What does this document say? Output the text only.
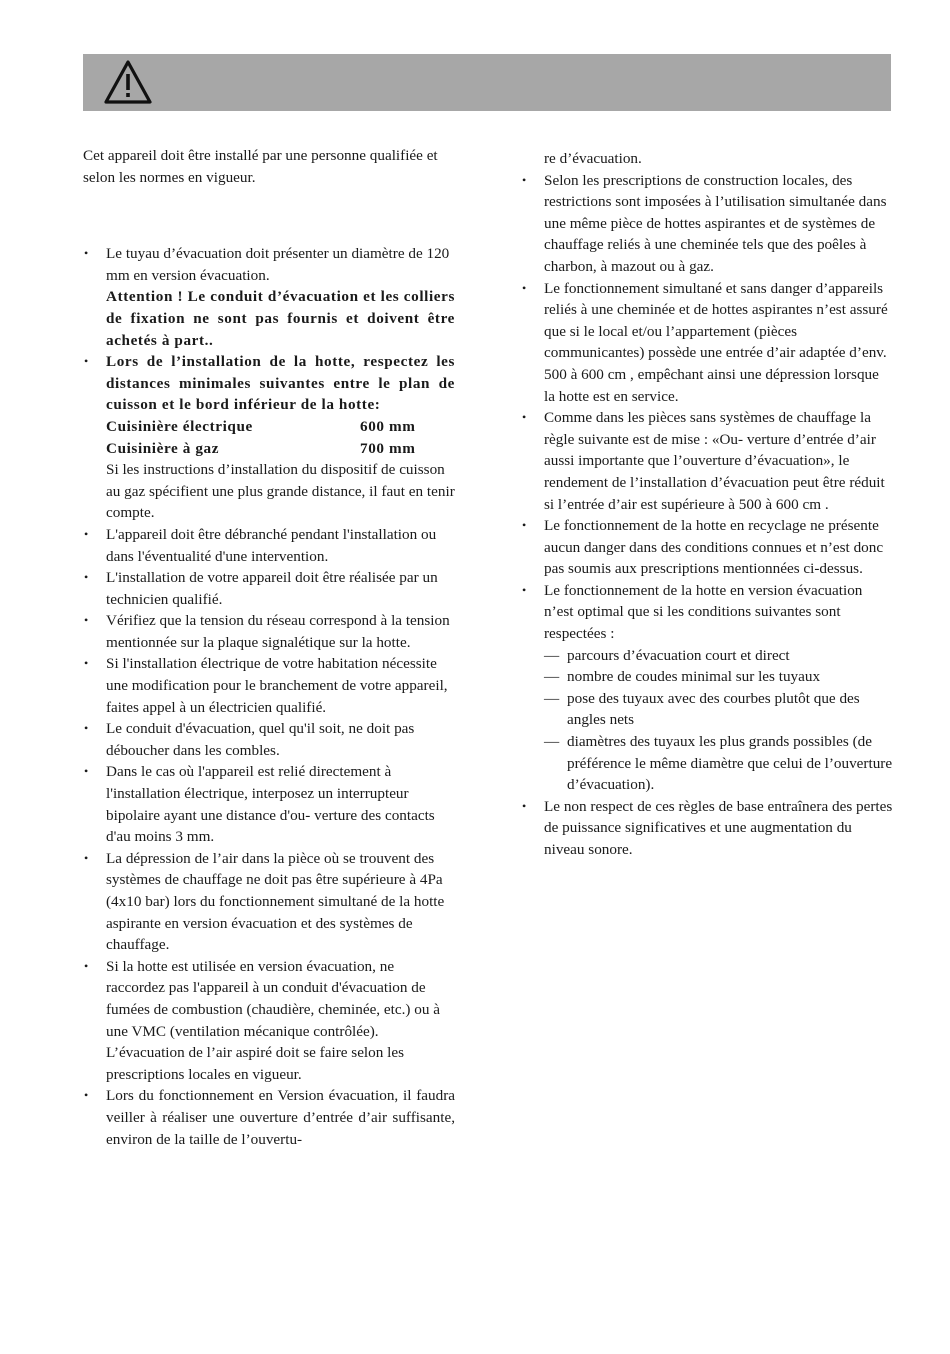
Cet appareil doit être installé par une personne qualifiée et selon les normes en vigueur.

• Le tuyau d’évacuation doit présenter un diamètre de 120 mm en version évacuation.
Attention ! Le conduit d’évacuation et les colliers de fixation ne sont pas fournis et doivent être achetés à part..
• Lors de l’installation de la hotte, respectez les distances minimales suivantes entre le plan de cuisson et le bord inférieur de la hotte:
Cuisinière électrique	600 mm
Cuisinière à gaz	700 mm
Si les instructions d’installation du dispositif de cuisson au gaz spécifient une plus grande distance, il faut en tenir compte.
• L'appareil doit être débranché pendant l'installation ou dans l'éventualité d'une intervention.
• L'installation de votre appareil doit être réalisée par un technicien qualifié.
• Vérifiez que la tension du réseau correspond à la tension mentionnée sur la plaque signalétique sur la hotte.
• Si l'installation électrique de votre habitation nécessite une modification pour le branchement de votre appareil, faites appel à un électricien qualifié.
• Le conduit d'évacuation, quel qu'il soit, ne doit pas déboucher dans les combles.
• Dans le cas où l'appareil est relié directement à l'installation électrique, interposez un interrupteur bipolaire ayant une distance d'ou- verture des contacts d'au moins 3 mm.
• La dépression de l’air dans la pièce où se trouvent des systèmes de chauffage ne doit pas être supérieure à 4Pa (4x10 bar) lors du fonctionnement simultané de la hotte aspirante en version évacuation et des systèmes de chauffage.
• Si la hotte est utilisée en version évacuation, ne raccordez pas l'appareil à un conduit d'évacuation de fumées de combustion (chaudière, cheminée, etc.) ou à une VMC (ventilation mécanique contrôlée).
L’évacuation de l’air aspiré doit se faire selon les prescriptions locales en vigueur.
• Lors du fonctionnement en Version évacuation, il faudra veiller à réaliser une ouverture d’entrée d’air suffisante, environ de la taille de l’ouvertu-
re d’évacuation.
• Selon les prescriptions de construction locales, des restrictions sont imposées à l’utilisation simultanée dans une même pièce de hottes aspirantes et de systèmes de chauffage reliés à une cheminée tels que des poêles à charbon, à mazout ou à gaz.
• Le fonctionnement simultané et sans danger d’appareils reliés à une cheminée et de hottes aspirantes n’est assuré que si le local et/ou l’appartement (pièces communicantes) possède une entrée d’air adaptée d’env. 500 à 600 cm , empêchant ainsi une dépression lorsque la hotte est en service.
• Comme dans les pièces sans systèmes de chauffage la règle suivante est de mise : «Ou- verture d’entrée d’air aussi importante que l’ouverture d’évacuation», le rendement de l’installation d’évacuation peut être réduit si l’entrée d’air est supérieure à 500 à 600 cm .
• Le fonctionnement de la hotte en recyclage ne présente aucun danger dans des conditions connues et n’est donc pas soumis aux prescriptions mentionnées ci-dessus.
• Le fonctionnement de la hotte en version évacuation n’est optimal que si les conditions suivantes sont respectées :
— parcours d’évacuation court et direct
— nombre de coudes minimal sur les tuyaux
— pose des tuyaux avec des courbes plutôt que des angles nets
— diamètres des tuyaux les plus grands possibles (de préférence le même diamètre que celui de l’ouverture d’évacuation).
• Le non respect de ces règles de base entraînera des pertes de puissance significatives et une augmentation du niveau sonore.
